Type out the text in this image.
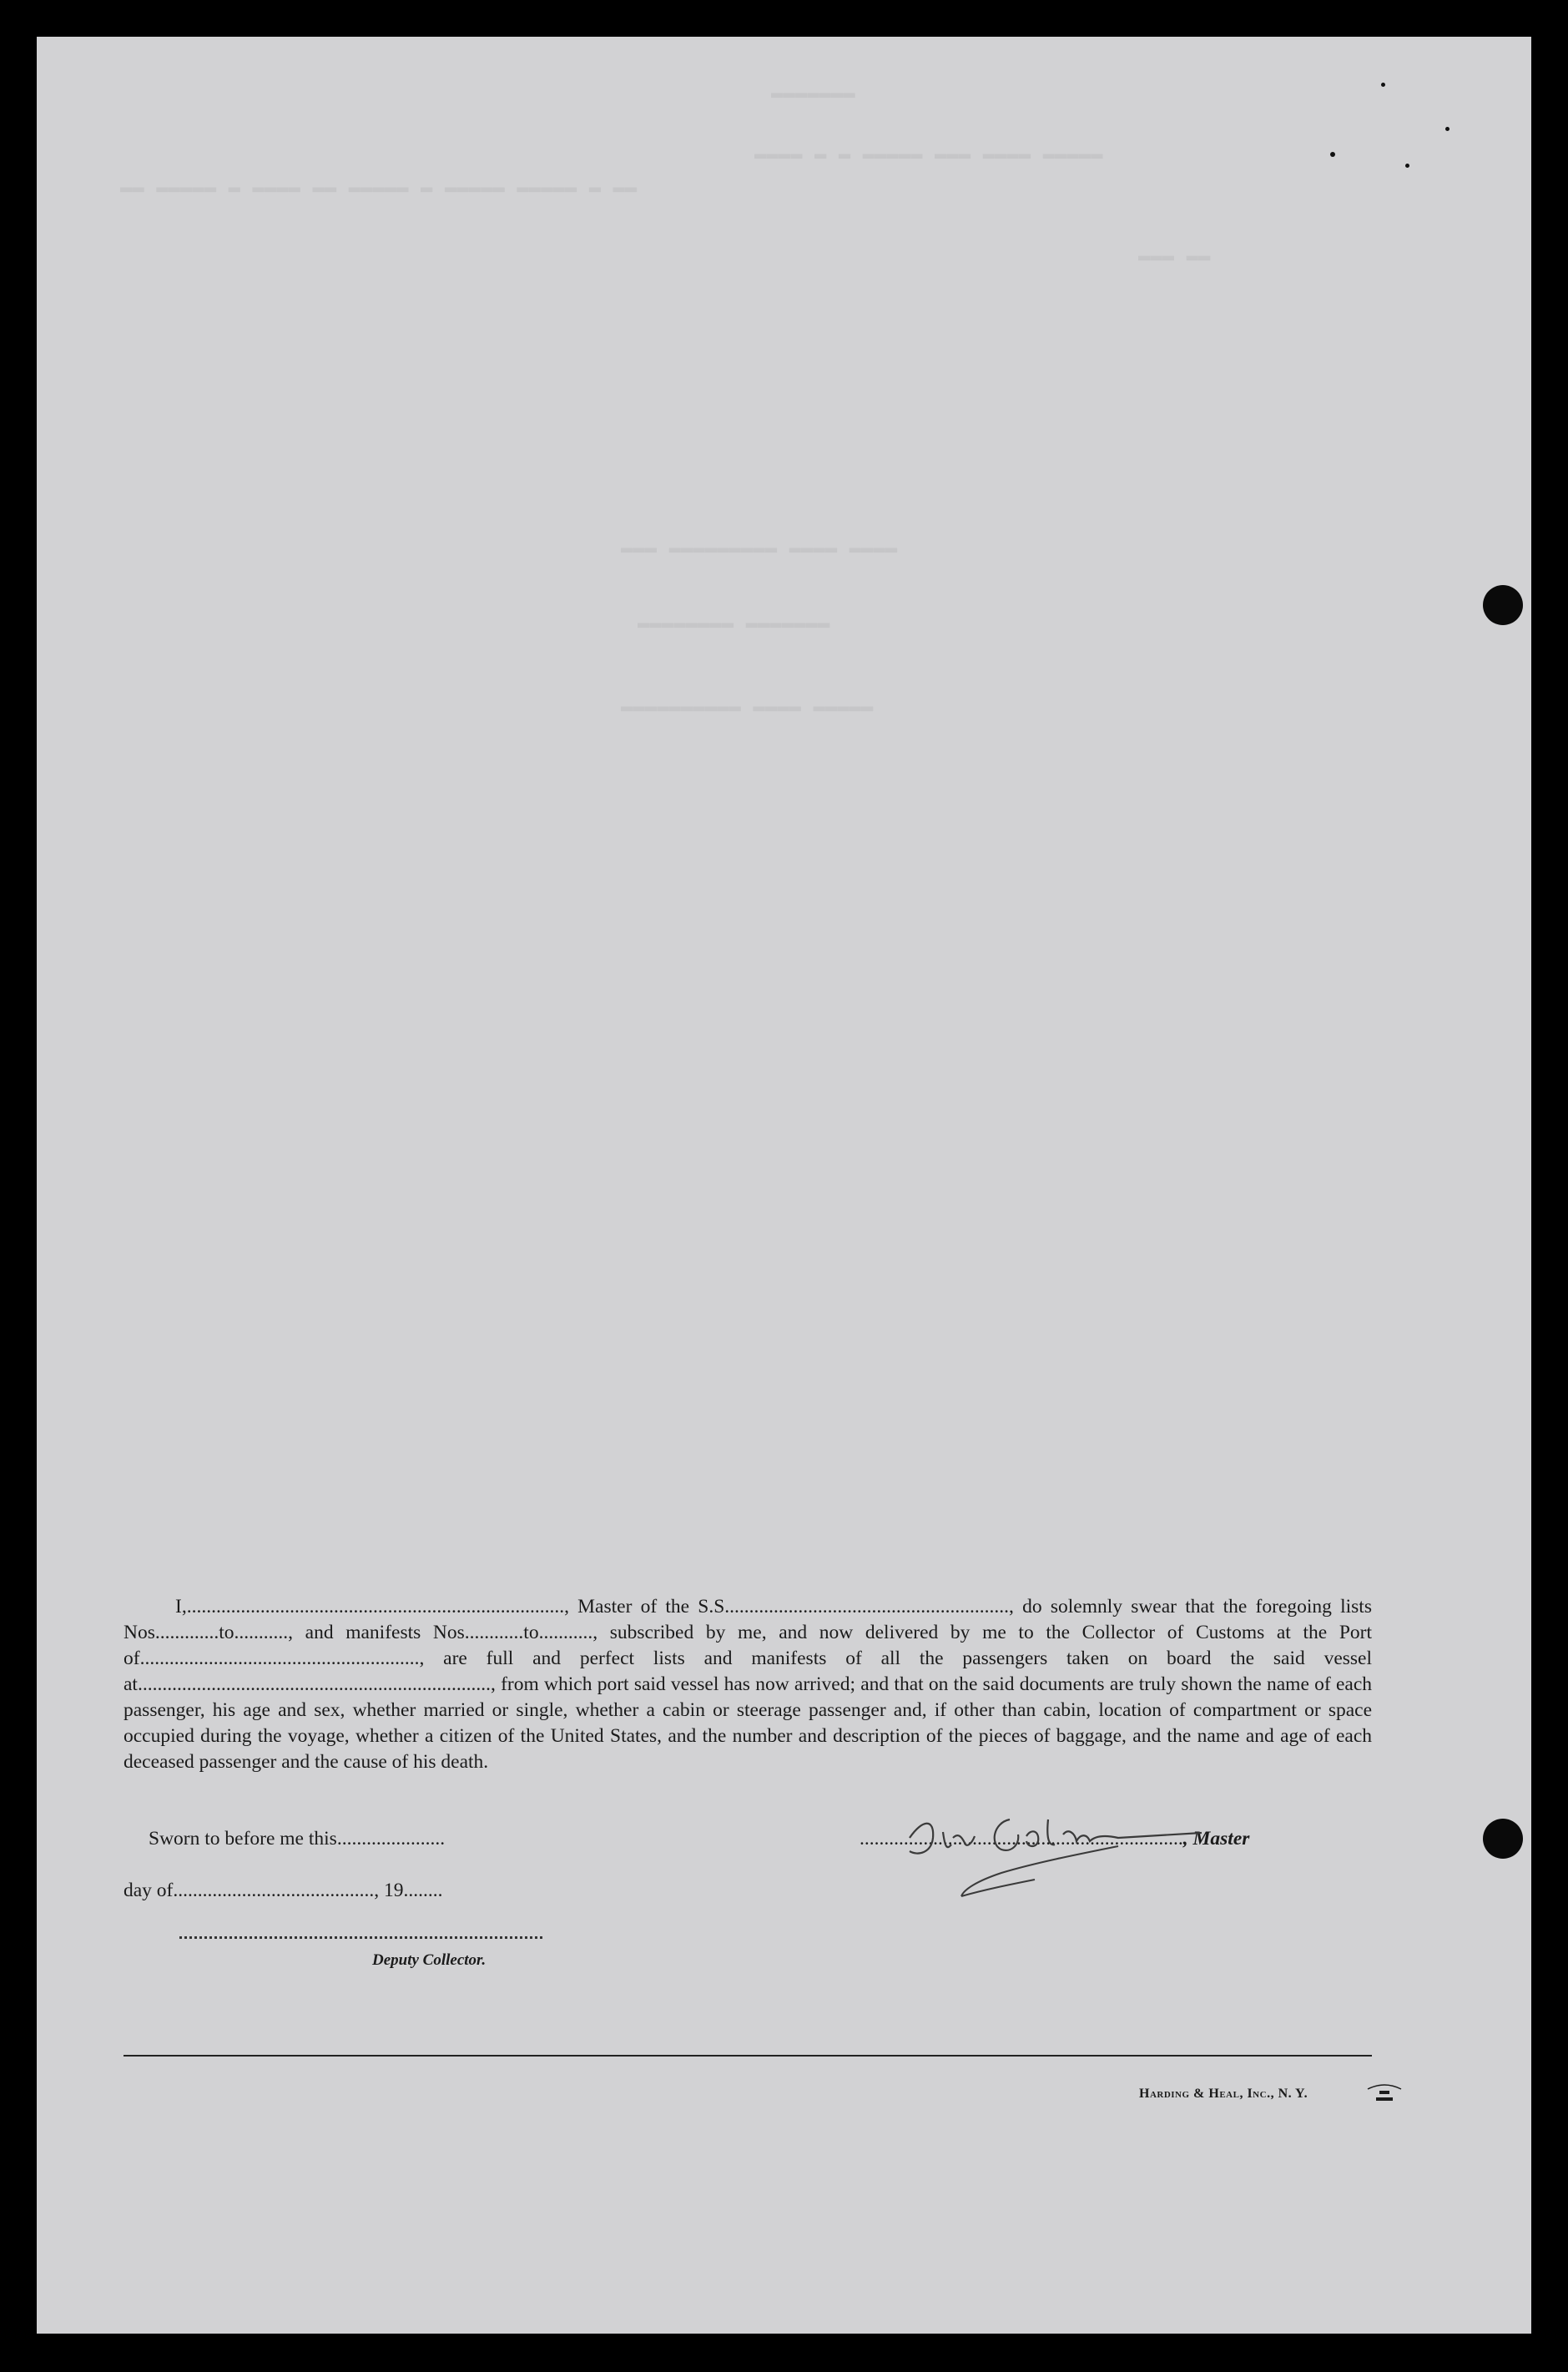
▬▬▬▬▬▬▬
▬▬▬▬ ▬ ▬ ▬▬▬▬▬ ▬▬▬ ▬▬▬▬ ▬▬▬▬▬
▬▬ ▬▬▬▬▬ ▬ ▬▬▬▬ ▬▬ ▬▬▬▬▬ ▬ ▬▬▬▬▬ ▬▬▬▬▬ ▬ ▬▬
▬▬▬ ▬▬
▬▬▬ ▬▬▬▬▬▬▬▬▬ ▬▬▬▬ ▬▬▬▬
▬▬▬▬▬▬▬▬ ▬▬▬▬▬▬▬
▬▬▬▬▬▬▬▬▬▬ ▬▬▬▬ ▬▬▬▬▬
I,............................................................................., Master of the S.S.........................................................., do solemnly swear that the foregoing lists Nos.............to..........., and manifests Nos............to..........., subscribed by me, and now delivered by me to the Collector of Customs at the Port of........................................................., are full and perfect lists and manifests of all the passengers taken on board the said vessel at........................................................................, from which port said vessel has now arrived; and that on the said documents are truly shown the name of each passenger, his age and sex, whether married or single, whether a cabin or steerage passenger and, if other than cabin, location of compartment or space occupied during the voyage, whether a citizen of the United States, and the number and description of the pieces of baggage, and the name and age of each deceased passenger and the cause of his death.
Sworn to before me this......................
day of........................................., 19........
Deputy Collector.
.................................................................., Master
Harding & Heal, Inc., N. Y.
